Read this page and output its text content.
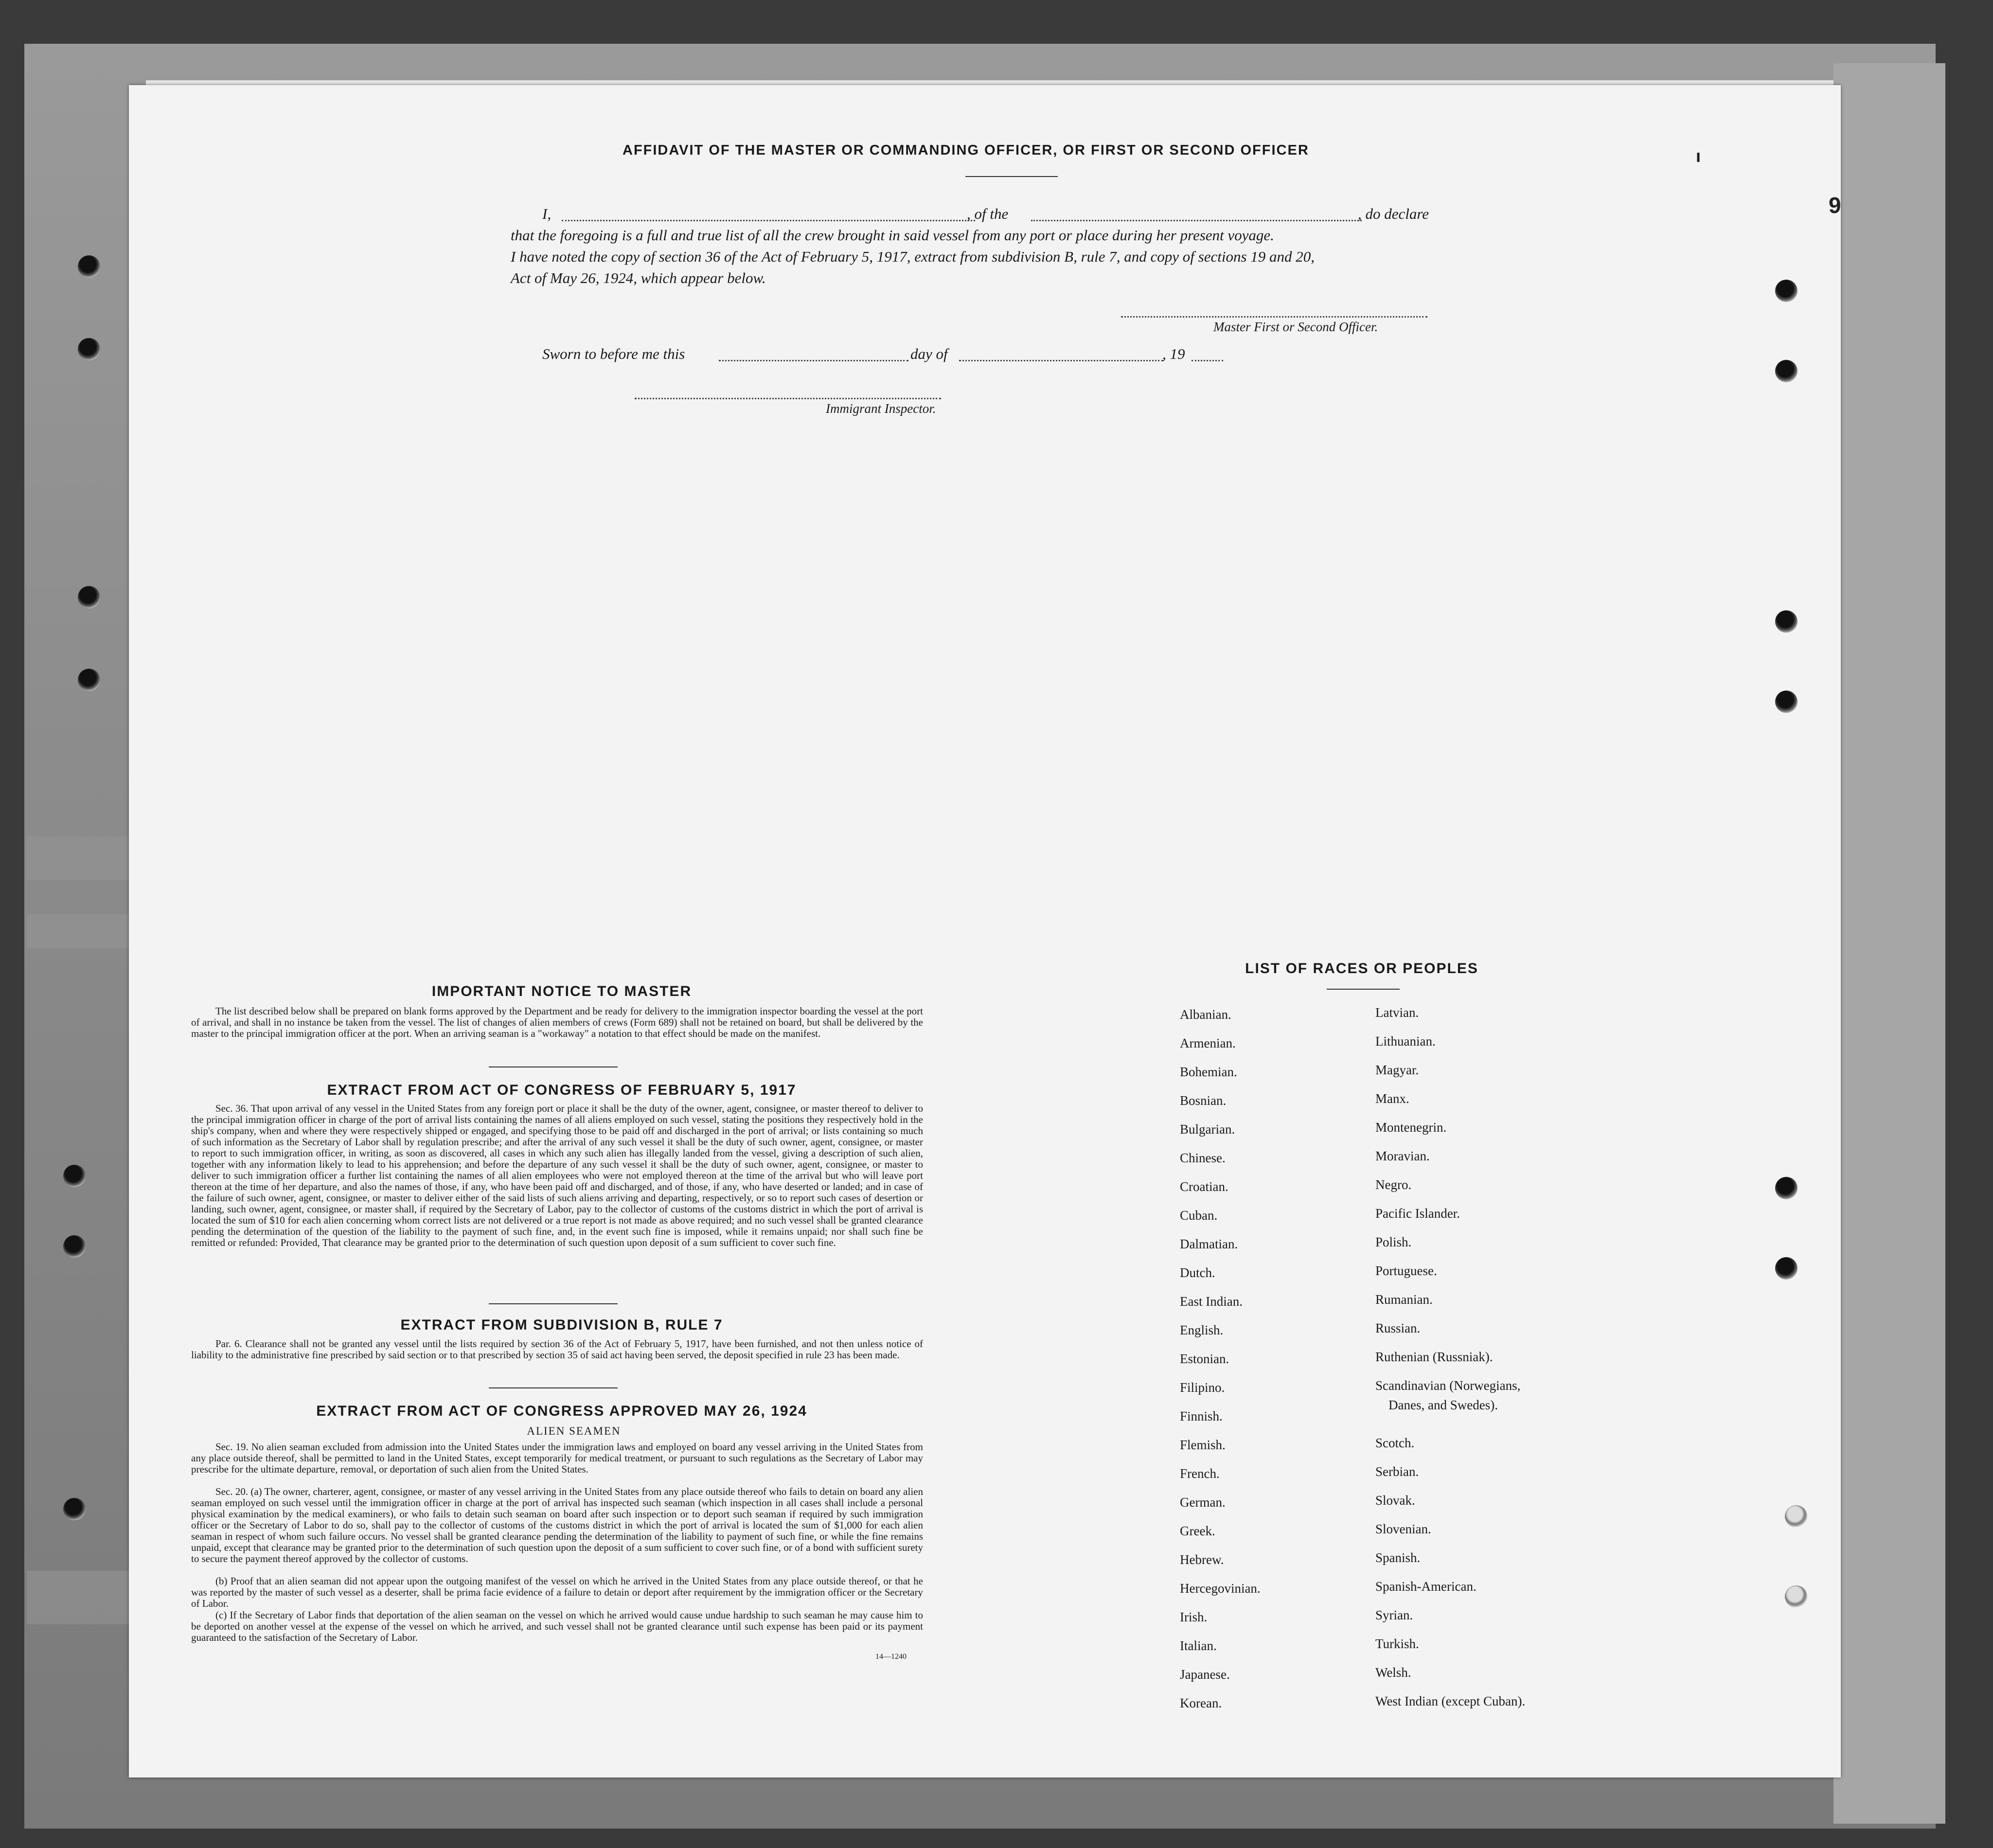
9
ı
AFFIDAVIT OF THE MASTER OR COMMANDING OFFICER, OR FIRST OR SECOND OFFICER
I,	, of the	, do declare
that the foregoing is a full and true list of all the crew brought in said vessel from any port or place during her present voyage.
I have noted the copy of section 36 of the Act of February 5, 1917, extract from subdivision B, rule 7, and copy of sections 19 and 20,
Act of May 26, 1924, which appear below.
Master First or Second Officer.
Sworn to before me this	day of	, 19
Immigrant Inspector.
IMPORTANT NOTICE TO MASTER
The list described below shall be prepared on blank forms approved by the Department and be ready for delivery to the immigration inspector boarding the vessel at the port of arrival, and shall in no instance be taken from the vessel. The list of changes of alien members of crews (Form 689) shall not be retained on board, but shall be delivered by the master to the principal immigration officer at the port. When an arriving seaman is a "workaway" a notation to that effect should be made on the manifest.
EXTRACT FROM ACT OF CONGRESS OF FEBRUARY 5, 1917
Sec. 36. That upon arrival of any vessel in the United States from any foreign port or place it shall be the duty of the owner, agent, consignee, or master thereof to deliver to the principal immigration officer in charge of the port of arrival lists containing the names of all aliens employed on such vessel, stating the positions they respectively hold in the ship's company, when and where they were respectively shipped or engaged, and specifying those to be paid off and discharged in the port of arrival; or lists containing so much of such information as the Secretary of Labor shall by regulation prescribe; and after the arrival of any such vessel it shall be the duty of such owner, agent, consignee, or master to report to such immigration officer, in writing, as soon as discovered, all cases in which any such alien has illegally landed from the vessel, giving a description of such alien, together with any information likely to lead to his apprehension; and before the departure of any such vessel it shall be the duty of such owner, agent, consignee, or master to deliver to such immigration officer a further list containing the names of all alien employees who were not employed thereon at the time of the arrival but who will leave port thereon at the time of her departure, and also the names of those, if any, who have been paid off and discharged, and of those, if any, who have deserted or landed; and in case of the failure of such owner, agent, consignee, or master to deliver either of the said lists of such aliens arriving and departing, respectively, or so to report such cases of desertion or landing, such owner, agent, consignee, or master shall, if required by the Secretary of Labor, pay to the collector of customs of the customs district in which the port of arrival is located the sum of $10 for each alien concerning whom correct lists are not delivered or a true report is not made as above required; and no such vessel shall be granted clearance pending the determination of the question of the liability to the payment of such fine, and, in the event such fine is imposed, while it remains unpaid; nor shall such fine be remitted or refunded: Provided, That clearance may be granted prior to the determination of such question upon deposit of a sum sufficient to cover such fine.
EXTRACT FROM SUBDIVISION B, RULE 7
Par. 6. Clearance shall not be granted any vessel until the lists required by section 36 of the Act of February 5, 1917, have been furnished, and not then unless notice of liability to the administrative fine prescribed by said section or to that prescribed by section 35 of said act having been served, the deposit specified in rule 23 has been made.
EXTRACT FROM ACT OF CONGRESS APPROVED MAY 26, 1924
ALIEN SEAMEN
Sec. 19. No alien seaman excluded from admission into the United States under the immigration laws and employed on board any vessel arriving in the United States from any place outside thereof, shall be permitted to land in the United States, except temporarily for medical treatment, or pursuant to such regulations as the Secretary of Labor may prescribe for the ultimate departure, removal, or deportation of such alien from the United States.
Sec. 20. (a) The owner, charterer, agent, consignee, or master of any vessel arriving in the United States from any place outside thereof who fails to detain on board any alien seaman employed on such vessel until the immigration officer in charge at the port of arrival has inspected such seaman (which inspection in all cases shall include a personal physical examination by the medical examiners), or who fails to detain such seaman on board after such inspection or to deport such seaman if required by such immigration officer or the Secretary of Labor to do so, shall pay to the collector of customs of the customs district in which the port of arrival is located the sum of $1,000 for each alien seaman in respect of whom such failure occurs. No vessel shall be granted clearance pending the determination of the liability to payment of such fine, or while the fine remains unpaid, except that clearance may be granted prior to the determination of such question upon the deposit of a sum sufficient to cover such fine, or of a bond with sufficient surety to secure the payment thereof approved by the collector of customs.
(b) Proof that an alien seaman did not appear upon the outgoing manifest of the vessel on which he arrived in the United States from any place outside thereof, or that he was reported by the master of such vessel as a deserter, shall be prima facie evidence of a failure to detain or deport after requirement by the immigration officer or the Secretary of Labor.
(c) If the Secretary of Labor finds that deportation of the alien seaman on the vessel on which he arrived would cause undue hardship to such seaman he may cause him to be deported on another vessel at the expense of the vessel on which he arrived, and such vessel shall not be granted clearance until such expense has been paid or its payment guaranteed to the satisfaction of the Secretary of Labor.
14—1240
LIST OF RACES OR PEOPLES
Albanian.
Armenian.
Bohemian.
Bosnian.
Bulgarian.
Chinese.
Croatian.
Cuban.
Dalmatian.
Dutch.
East Indian.
English.
Estonian.
Filipino.
Finnish.
Flemish.
French.
German.
Greek.
Hebrew.
Hercegovinian.
Irish.
Italian.
Japanese.
Korean.
Latvian.
Lithuanian.
Magyar.
Manx.
Montenegrin.
Moravian.
Negro.
Pacific Islander.
Polish.
Portuguese.
Rumanian.
Russian.
Ruthenian (Russniak).
Scandinavian (Norwegians,
Danes, and Swedes).
Scotch.
Serbian.
Slovak.
Slovenian.
Spanish.
Spanish-American.
Syrian.
Turkish.
Welsh.
West Indian (except Cuban).
